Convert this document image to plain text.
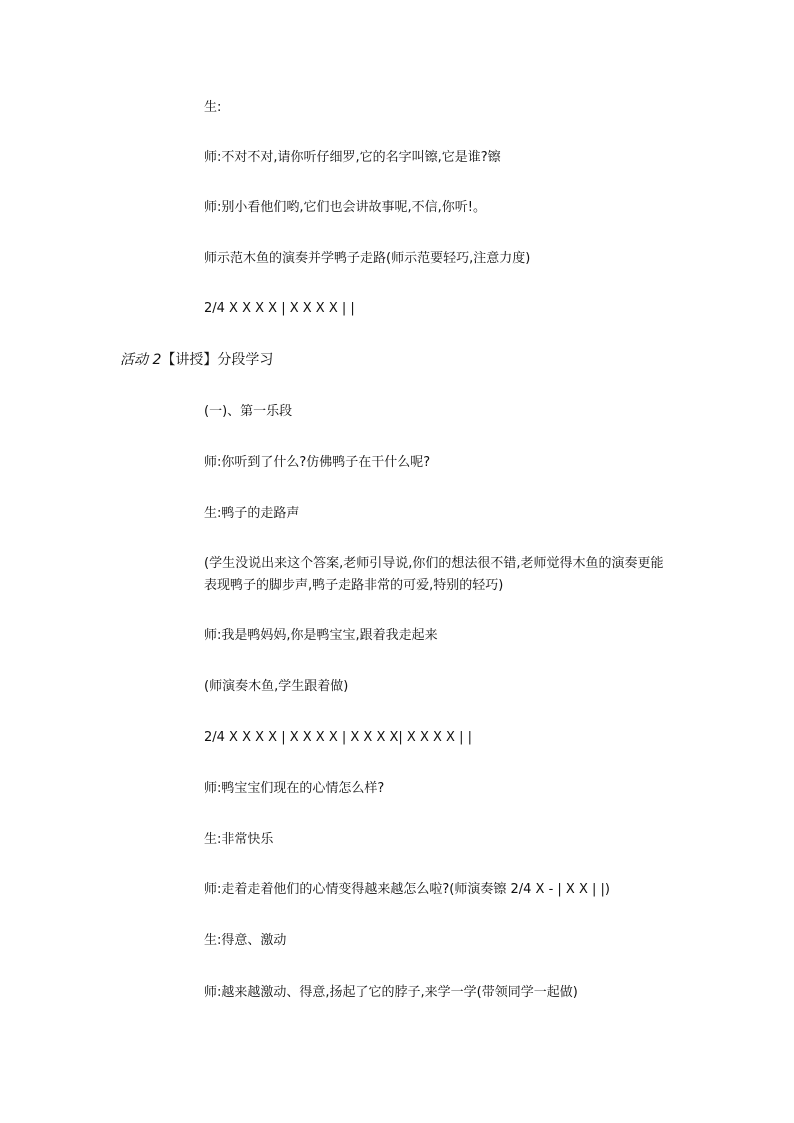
生:
师:不对不对,请你听仔细罗,它的名字叫镲,它是谁?镲
师:别小看他们哟,它们也会讲故事呢,不信,你听!。
师示范木鱼的演奏并学鸭子走路(师示范要轻巧,注意力度)
2/4 X X X X | X X X X | |
活动 2【讲授】分段学习
(一)、第一乐段
师:你听到了什么?仿佛鸭子在干什么呢?
生:鸭子的走路声
(学生没说出来这个答案,老师引导说,你们的想法很不错,老师觉得木鱼的演奏更能表现鸭子的脚步声,鸭子走路非常的可爱,特别的轻巧)
师:我是鸭妈妈,你是鸭宝宝,跟着我走起来
(师演奏木鱼,学生跟着做)
2/4 X X X X | X X X X | X X X X| X X X X | |
师:鸭宝宝们现在的心情怎么样?
生:非常快乐
师:走着走着他们的心情变得越来越怎么啦?(师演奏镲 2/4 X - | X X | |)
生:得意、激动
师:越来越激动、得意,扬起了它的脖子,来学一学(带领同学一起做)
